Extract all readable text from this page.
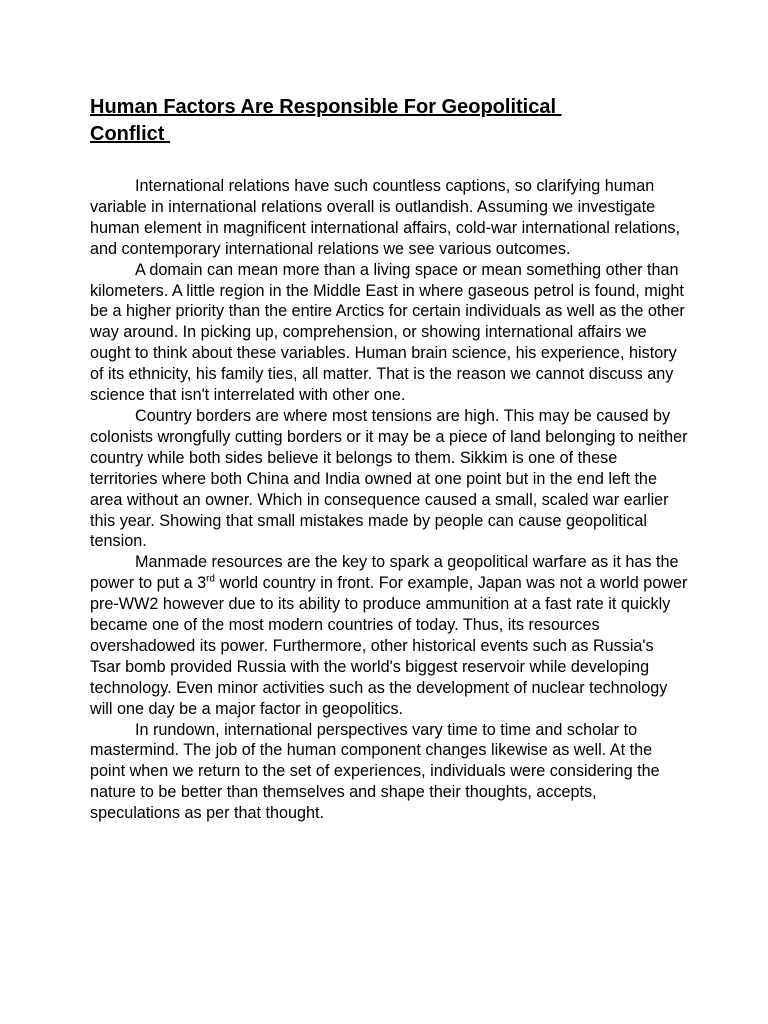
Human Factors Are Responsible For Geopolitical
Conflict

International relations have such countless captions, so clarifying human variable in international relations overall is outlandish. Assuming we investigate human element in magnificent international affairs, cold-war international relations, and contemporary international relations we see various outcomes.

A domain can mean more than a living space or mean something other than kilometers. A little region in the Middle East in where gaseous petrol is found, might be a higher priority than the entire Arctics for certain individuals as well as the other way around. In picking up, comprehension, or showing international affairs we ought to think about these variables. Human brain science, his experience, history of its ethnicity, his family ties, all matter. That is the reason we cannot discuss any science that isn't interrelated with other one.

Country borders are where most tensions are high. This may be caused by colonists wrongfully cutting borders or it may be a piece of land belonging to neither country while both sides believe it belongs to them. Sikkim is one of these territories where both China and India owned at one point but in the end left the area without an owner. Which in consequence caused a small, scaled war earlier this year. Showing that small mistakes made by people can cause geopolitical tension.

Manmade resources are the key to spark a geopolitical warfare as it has the power to put a 3rd world country in front. For example, Japan was not a world power pre-WW2 however due to its ability to produce ammunition at a fast rate it quickly became one of the most modern countries of today. Thus, its resources overshadowed its power. Furthermore, other historical events such as Russia's Tsar bomb provided Russia with the world's biggest reservoir while developing technology. Even minor activities such as the development of nuclear technology will one day be a major factor in geopolitics.

In rundown, international perspectives vary time to time and scholar to mastermind. The job of the human component changes likewise as well. At the point when we return to the set of experiences, individuals were considering the nature to be better than themselves and shape their thoughts, accepts, speculations as per that thought.
